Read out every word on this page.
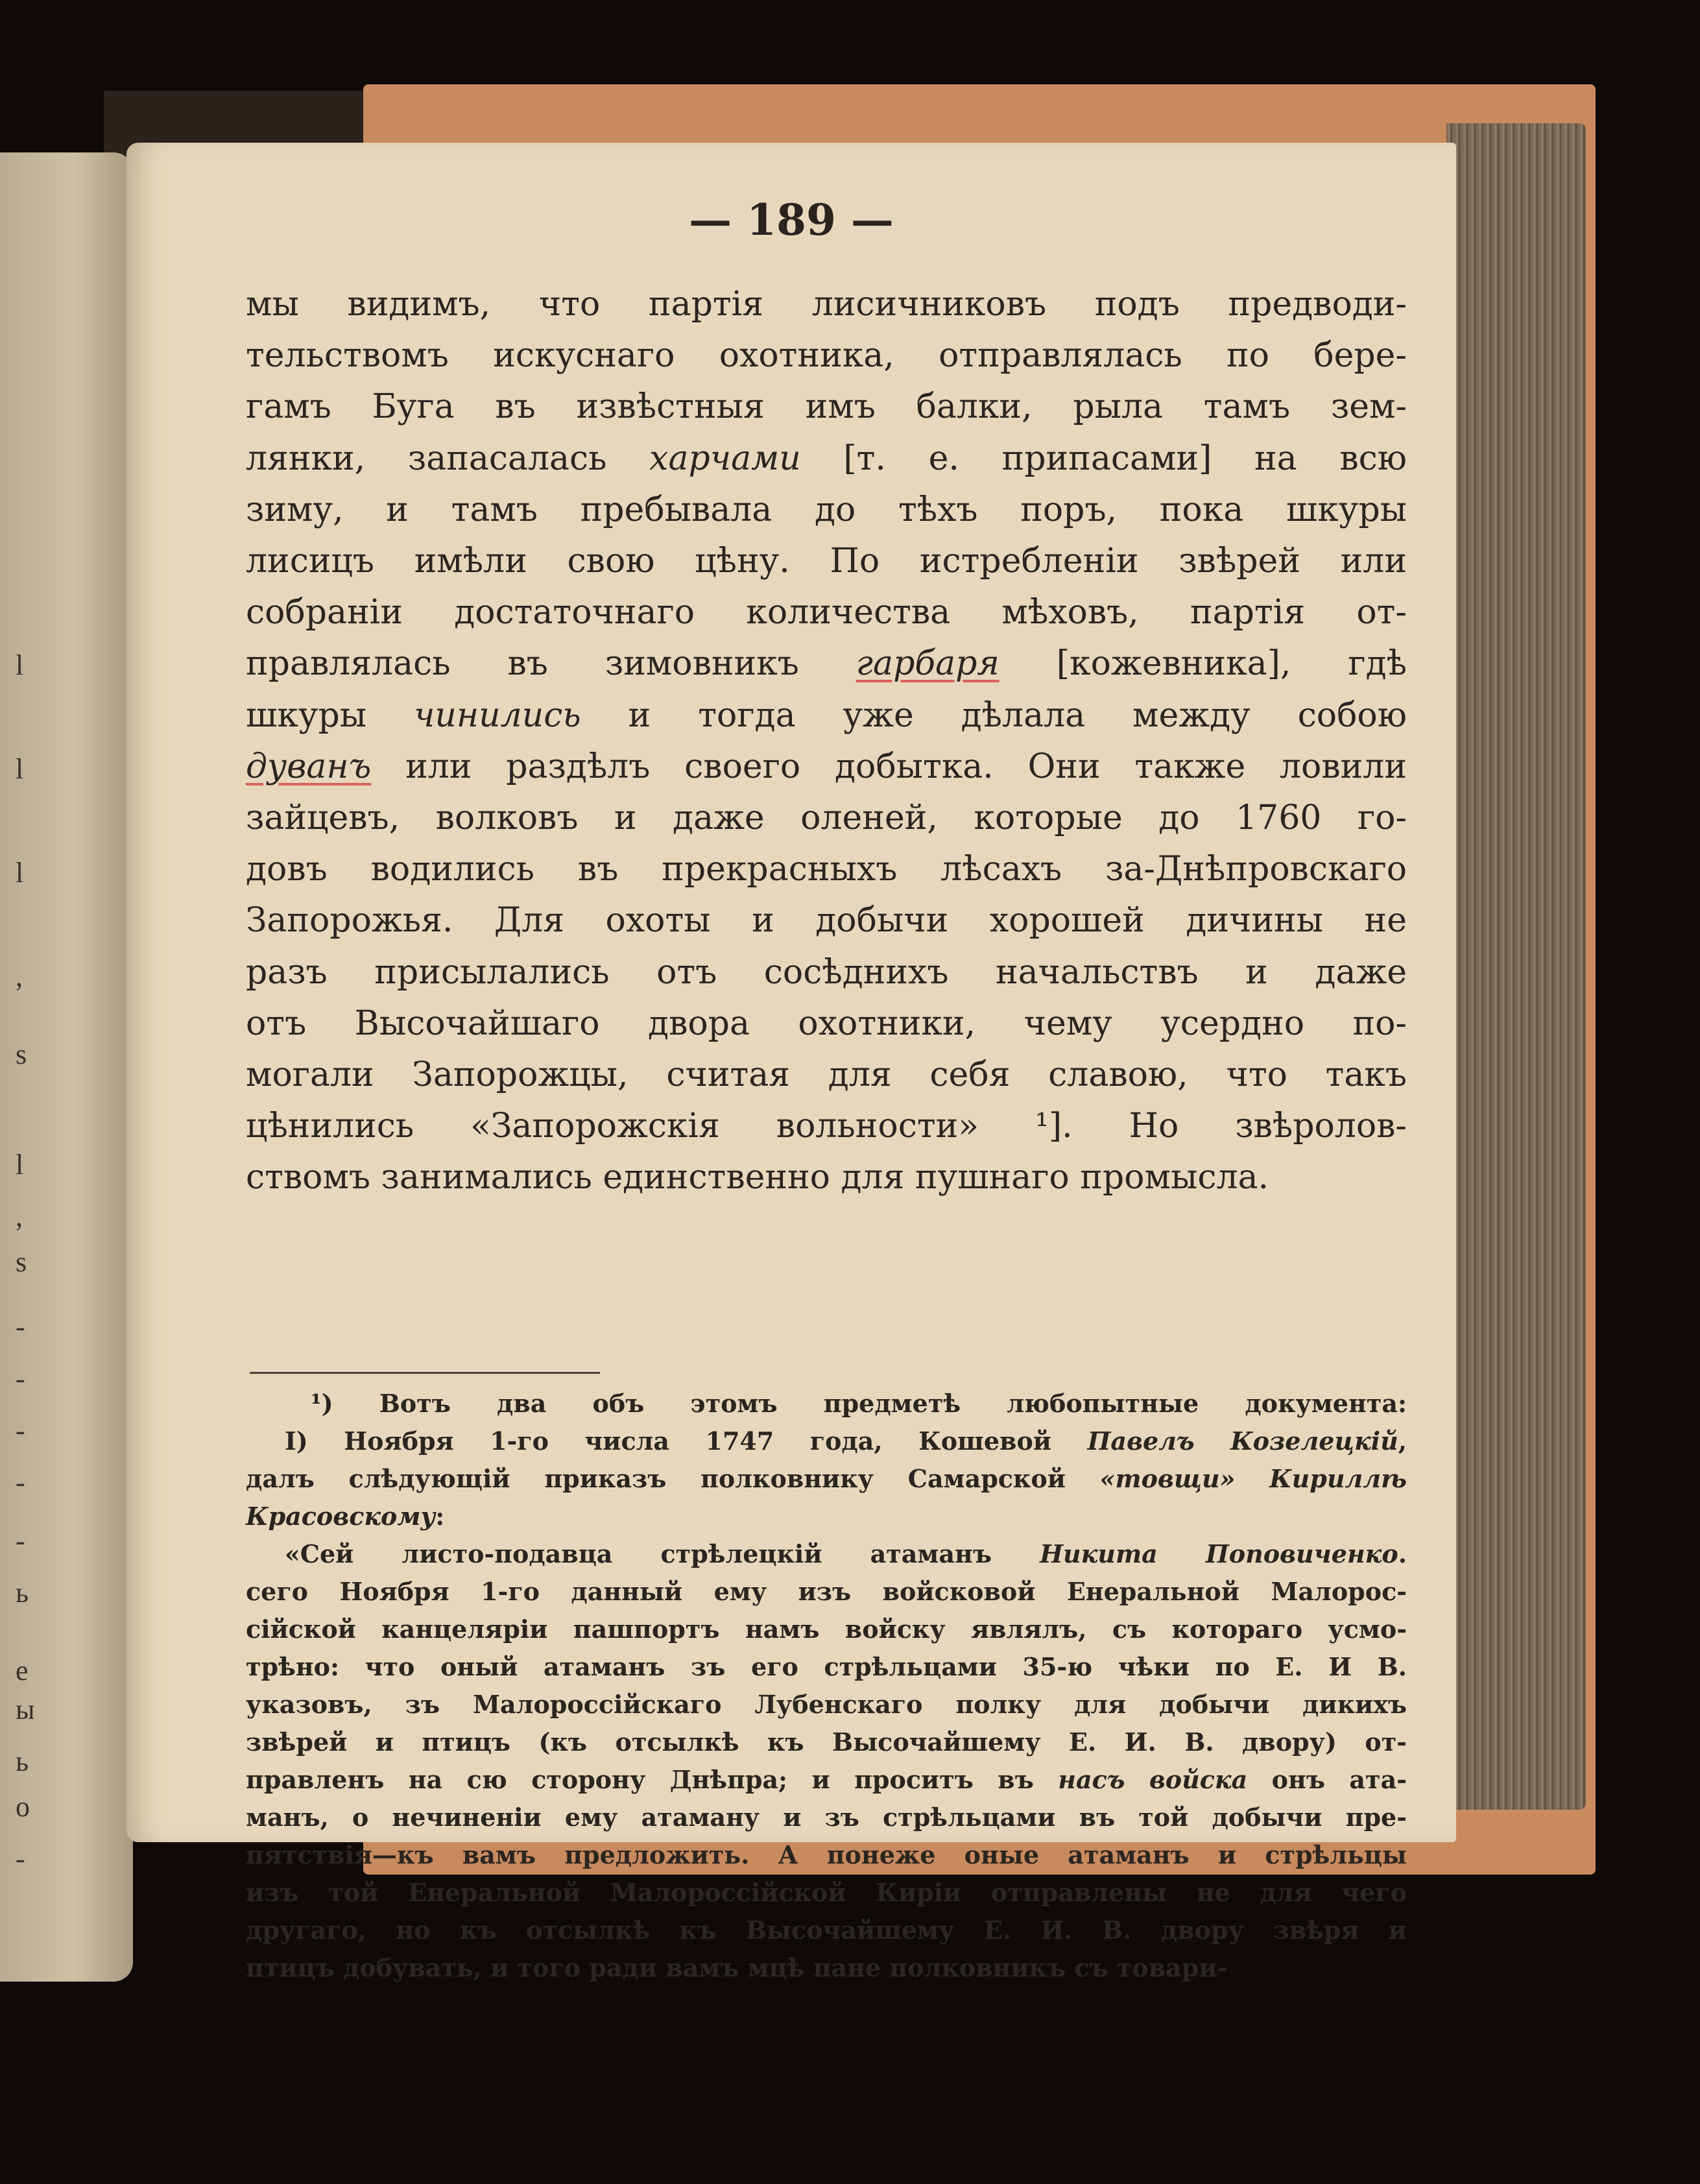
l
l
l
,
s
l
,
s
-
-
-
-
-
ь
e
ы
ь
о
-
— 189 —

мы видимъ, что партія лисичниковъ подъ предводи-
тельствомъ искуснаго охотника, отправлялась по бере-
гамъ Буга въ извѣстныя имъ балки, рыла тамъ зем-
лянки, запасалась харчами [т. е. припасами] на всю
зиму, и тамъ пребывала до тѣхъ поръ, пока шкуры
лисицъ имѣли свою цѣну. По истребленіи звѣрей или
собраніи достаточнаго количества мѣховъ, партія от-
правлялась въ зимовникъ гарбаря [кожевника], гдѣ
шкуры чинились и тогда уже дѣлала между собою
дуванъ или раздѣлъ своего добытка. Они также ловили
зайцевъ, волковъ и даже оленей, которые до 1760 го-
довъ водились въ прекрасныхъ лѣсахъ за-Днѣпровскаго
Запорожья. Для охоты и добычи хорошей дичины не
разъ присылались отъ сосѣднихъ начальствъ и даже
отъ Высочайшаго двора охотники, чему усердно по-
могали Запорожцы, считая для себя славою, что такъ
цѣнились «Запорожскія вольности» ¹]. Но звѣролов-
ствомъ занимались единственно для пушнаго промысла.

¹) Вотъ два объ этомъ предметѣ любопытные документа:
I) Ноября 1-го числа 1747 года, Кошевой Павелъ Козелецкій,
далъ слѣдующій приказъ полковнику Самарской «товщи» Кириллѣ
Красовскому:
«Сей листо-подавца стрѣлецкій атаманъ Никита Поповиченко.
сего Ноября 1-го данный ему изъ войсковой Енеральной Малорос-
сійской канцеляріи пашпортъ намъ войску являлъ, съ котораго усмо-
трѣно: что оный атаманъ зъ его стрѣльцами 35-ю чѣки по Е. И В.
указовъ, зъ Малороссійскаго Лубенскаго полку для добычи дикихъ
звѣрей и птицъ (къ отсылкѣ къ Высочайшему Е. И. В. двору) от-
правленъ на сю сторону Днѣпра; и проситъ въ насъ войска онъ ата-
манъ, о нечиненіи ему атаману и зъ стрѣльцами въ той добычи пре-
пятствія—къ вамъ предложить. А понеже оные атаманъ и стрѣльцы
изъ той Енеральной Малороссійской Киріи отправлены не для чего
другаго, но къ отсылкѣ къ Высочайшему Е. И. В. двору звѣря и
птицъ добувать, и того ради вамъ мцѣ пане полковникъ съ товари-
